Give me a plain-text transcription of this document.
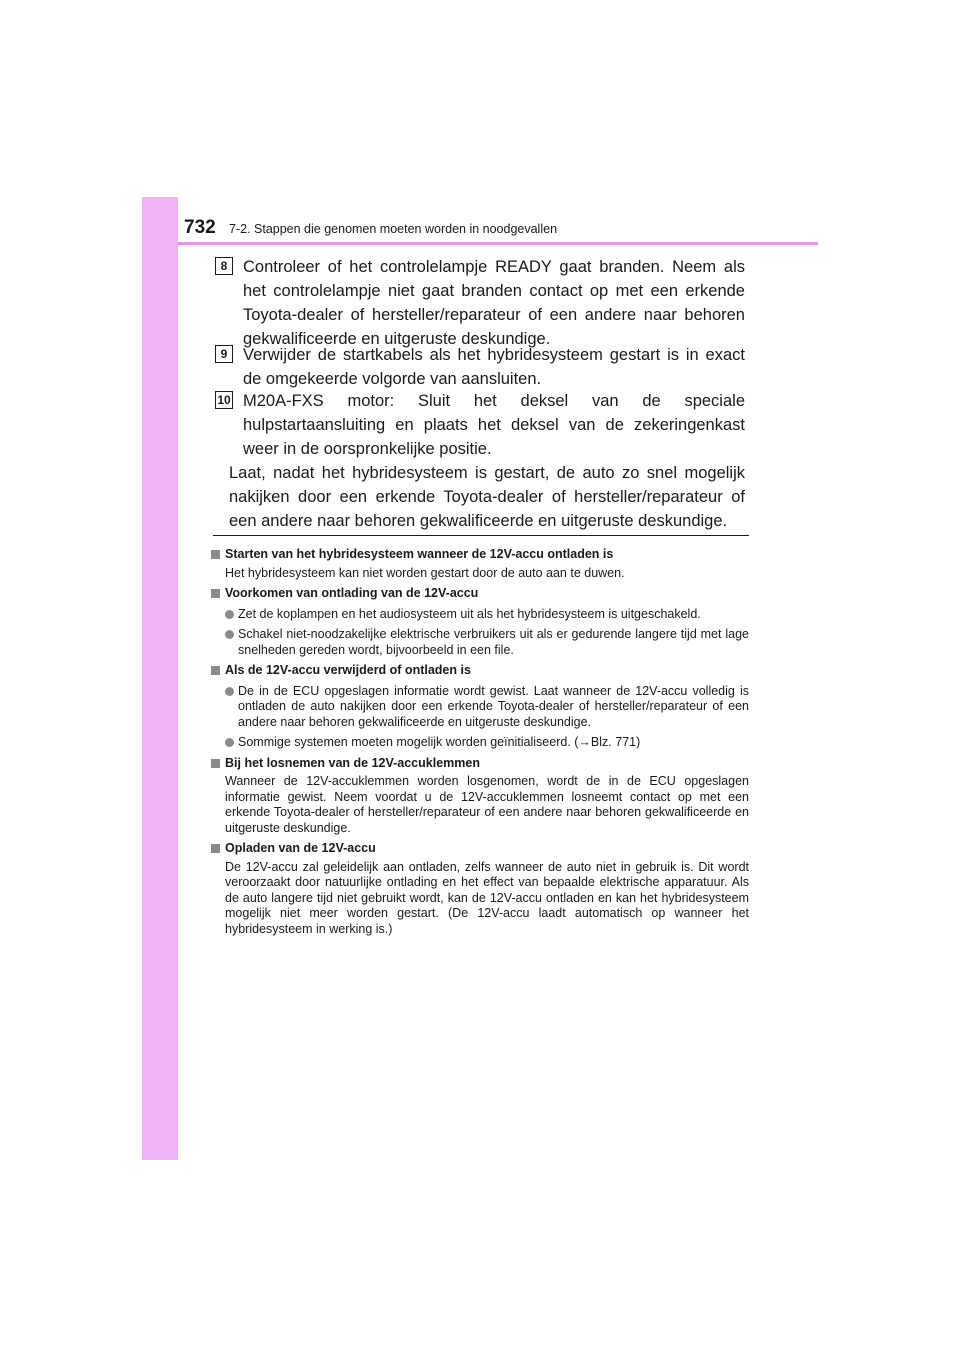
732 7-2. Stappen die genomen moeten worden in noodgevallen
8 Controleer of het controlelampje READY gaat branden. Neem als het controlelampje niet gaat branden contact op met een erkende Toyota-dealer of hersteller/reparateur of een andere naar behoren gekwalificeerde en uitgeruste deskundige.
9 Verwijder de startkabels als het hybridesysteem gestart is in exact de omgekeerde volgorde van aansluiten.
10 M20A-FXS motor: Sluit het deksel van de speciale hulpstartaansluiting en plaats het deksel van de zekeringenkast weer in de oorspronkelijke positie.
Laat, nadat het hybridesysteem is gestart, de auto zo snel mogelijk nakijken door een erkende Toyota-dealer of hersteller/reparateur of een andere naar behoren gekwalificeerde en uitgeruste deskundige.
Starten van het hybridesysteem wanneer de 12V-accu ontladen is
Het hybridesysteem kan niet worden gestart door de auto aan te duwen.
Voorkomen van ontlading van de 12V-accu
Zet de koplampen en het audiosysteem uit als het hybridesysteem is uitgeschakeld.
Schakel niet-noodzakelijke elektrische verbruikers uit als er gedurende langere tijd met lage snelheden gereden wordt, bijvoorbeeld in een file.
Als de 12V-accu verwijderd of ontladen is
De in de ECU opgeslagen informatie wordt gewist. Laat wanneer de 12V-accu volledig is ontladen de auto nakijken door een erkende Toyota-dealer of hersteller/reparateur of een andere naar behoren gekwalificeerde en uitgeruste deskundige.
Sommige systemen moeten mogelijk worden geïnitialiseerd. (→Blz. 771)
Bij het losnemen van de 12V-accuklemmen
Wanneer de 12V-accuklemmen worden losgenomen, wordt de in de ECU opgeslagen informatie gewist. Neem voordat u de 12V-accuklemmen losneemt contact op met een erkende Toyota-dealer of hersteller/reparateur of een andere naar behoren gekwalificeerde en uitgeruste deskundige.
Opladen van de 12V-accu
De 12V-accu zal geleidelijk aan ontladen, zelfs wanneer de auto niet in gebruik is. Dit wordt veroorzaakt door natuurlijke ontlading en het effect van bepaalde elektrische apparatuur. Als de auto langere tijd niet gebruikt wordt, kan de 12V-accu ontladen en kan het hybridesysteem mogelijk niet meer worden gestart. (De 12V-accu laadt automatisch op wanneer het hybridesysteem in werking is.)
